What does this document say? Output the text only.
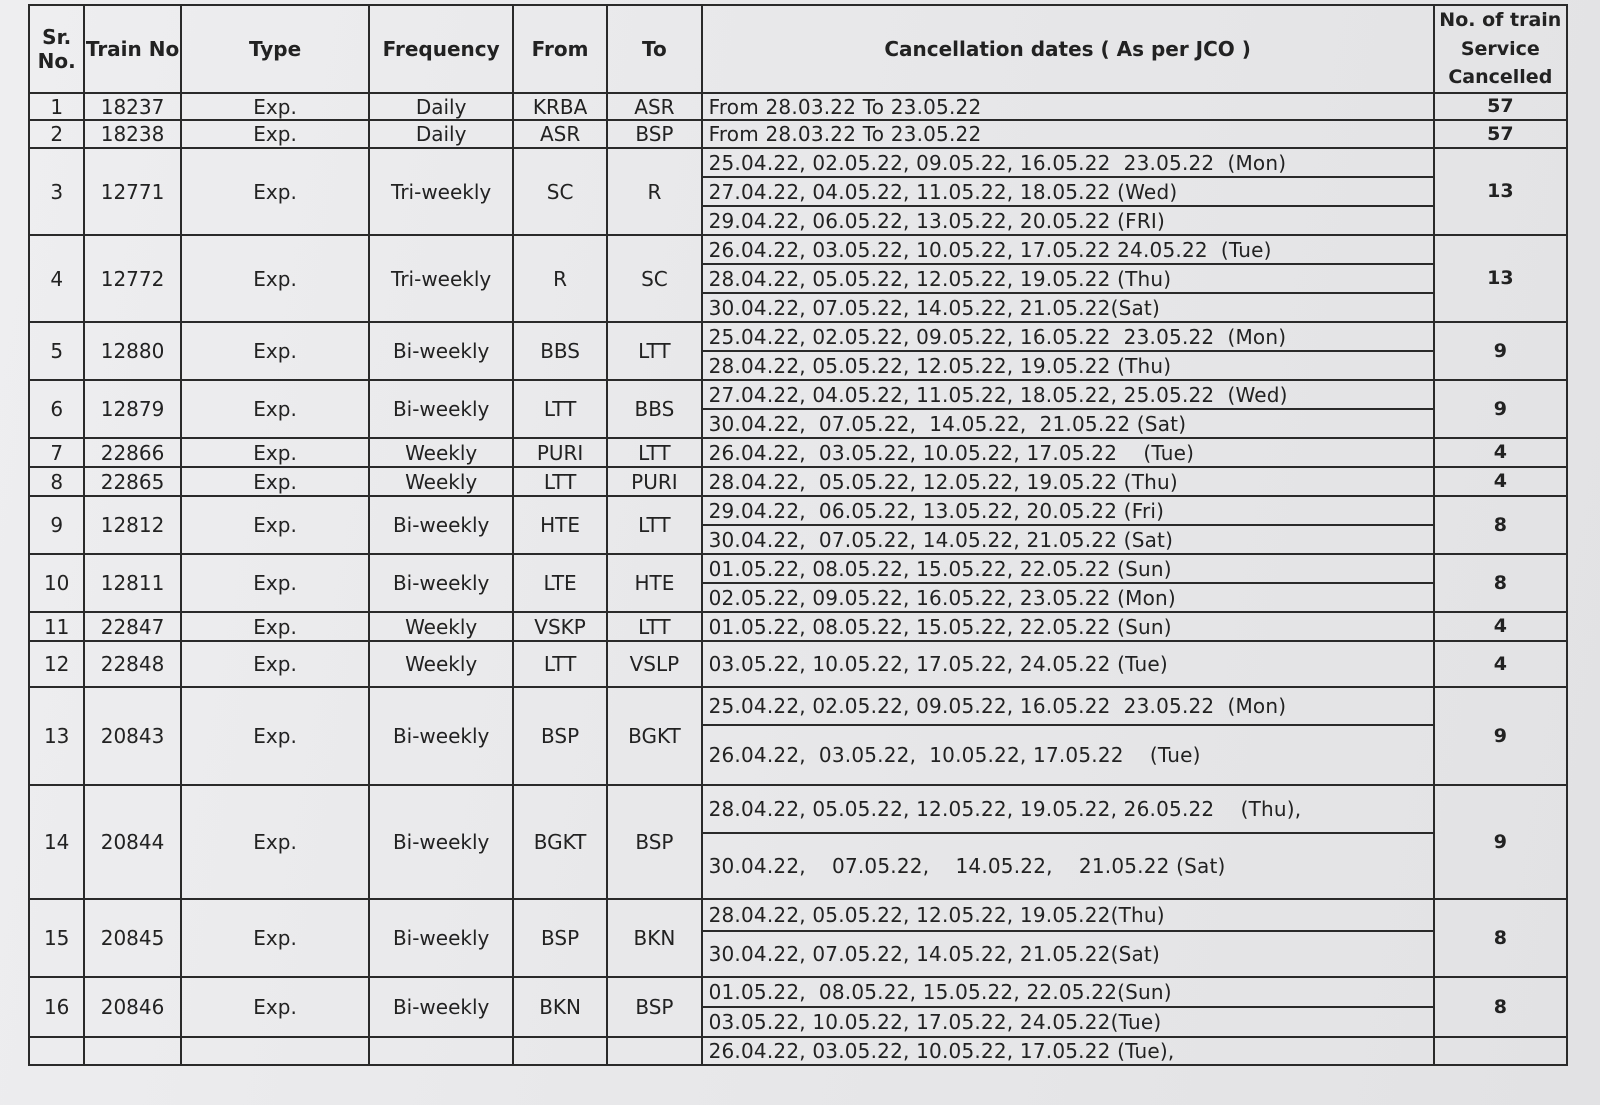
Sr. No.	Train No	Type	Frequency	From	To	Cancellation dates ( As per JCO )	No. of train Service Cancelled
1	18237	Exp.	Daily	KRBA	ASR	From 28.03.22 To 23.05.22	57
2	18238	Exp.	Daily	ASR	BSP	From 28.03.22 To 23.05.22	57
3	12771	Exp.	Tri-weekly	SC	R	25.04.22, 02.05.22, 09.05.22, 16.05.22  23.05.22  (Mon)	13
						27.04.22, 04.05.22, 11.05.22, 18.05.22 (Wed)	
						29.04.22, 06.05.22, 13.05.22, 20.05.22 (FRI)	
4	12772	Exp.	Tri-weekly	R	SC	26.04.22, 03.05.22, 10.05.22, 17.05.22 24.05.22  (Tue)	13
						28.04.22, 05.05.22, 12.05.22, 19.05.22 (Thu)	
						30.04.22, 07.05.22, 14.05.22, 21.05.22(Sat)	
5	12880	Exp.	Bi-weekly	BBS	LTT	25.04.22, 02.05.22, 09.05.22, 16.05.22  23.05.22  (Mon)	9
						28.04.22, 05.05.22, 12.05.22, 19.05.22 (Thu)	
6	12879	Exp.	Bi-weekly	LTT	BBS	27.04.22, 04.05.22, 11.05.22, 18.05.22, 25.05.22  (Wed)	9
						30.04.22,  07.05.22,  14.05.22,  21.05.22 (Sat)	
7	22866	Exp.	Weekly	PURI	LTT	26.04.22,  03.05.22, 10.05.22, 17.05.22    (Tue)	4
8	22865	Exp.	Weekly	LTT	PURI	28.04.22,  05.05.22, 12.05.22, 19.05.22 (Thu)	4
9	12812	Exp.	Bi-weekly	HTE	LTT	29.04.22,  06.05.22, 13.05.22, 20.05.22 (Fri)	8
						30.04.22,  07.05.22, 14.05.22, 21.05.22 (Sat)	
10	12811	Exp.	Bi-weekly	LTE	HTE	01.05.22, 08.05.22, 15.05.22, 22.05.22 (Sun)	8
						02.05.22, 09.05.22, 16.05.22, 23.05.22 (Mon)	
11	22847	Exp.	Weekly	VSKP	LTT	01.05.22, 08.05.22, 15.05.22, 22.05.22 (Sun)	4
12	22848	Exp.	Weekly	LTT	VSLP	03.05.22, 10.05.22, 17.05.22, 24.05.22 (Tue)	4
13	20843	Exp.	Bi-weekly	BSP	BGKT	25.04.22, 02.05.22, 09.05.22, 16.05.22  23.05.22  (Mon)	9
						26.04.22,  03.05.22,  10.05.22, 17.05.22    (Tue)	
14	20844	Exp.	Bi-weekly	BGKT	BSP	28.04.22, 05.05.22, 12.05.22, 19.05.22, 26.05.22    (Thu),	9
						30.04.22,    07.05.22,    14.05.22,    21.05.22 (Sat)	
15	20845	Exp.	Bi-weekly	BSP	BKN	28.04.22, 05.05.22, 12.05.22, 19.05.22(Thu)	8
						30.04.22, 07.05.22, 14.05.22, 21.05.22(Sat)	
16	20846	Exp.	Bi-weekly	BKN	BSP	01.05.22,  08.05.22, 15.05.22, 22.05.22(Sun)	8
						03.05.22, 10.05.22, 17.05.22, 24.05.22(Tue)	
						26.04.22, 03.05.22, 10.05.22, 17.05.22 (Tue),	
